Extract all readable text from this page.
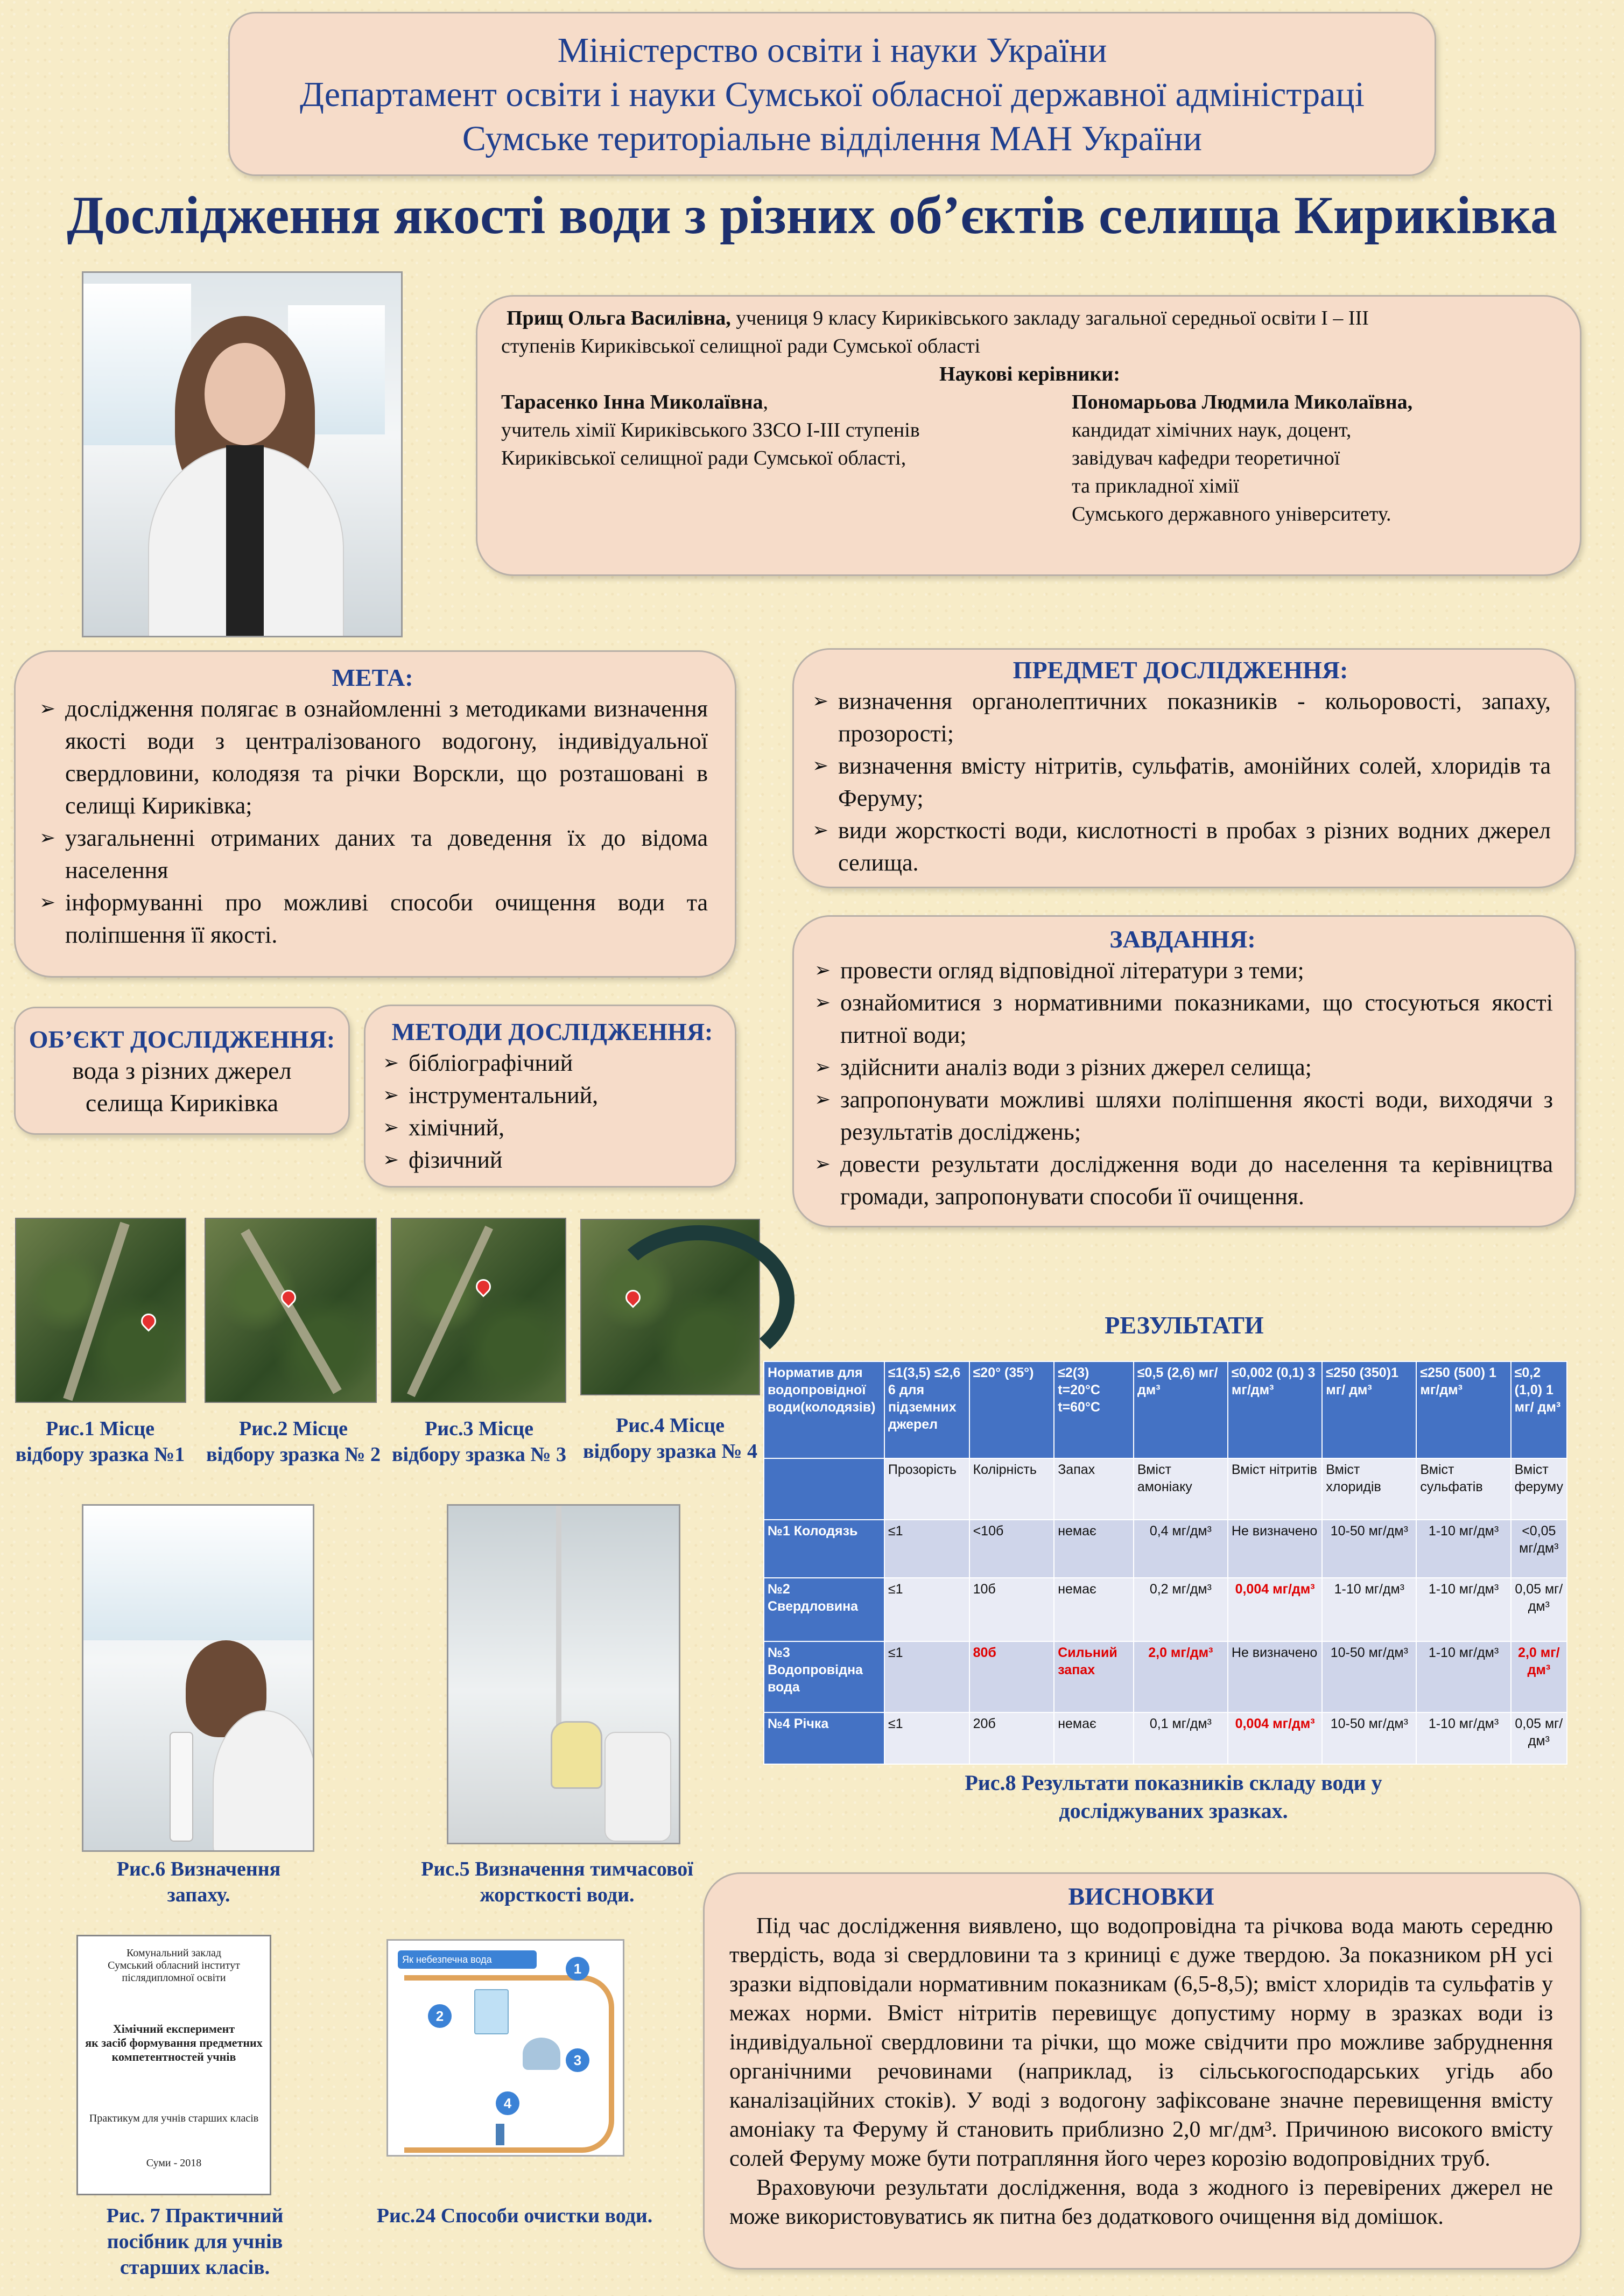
Міністерство освіти і науки України
Департамент освіти і науки Сумської обласної державної адміністраці
Сумське територіальне відділення МАН України
Дослідження якості води з різних об’єктів селища Кириківка
Прищ Ольга Василівна, учениця 9 класу Кириківського закладу загальної середньої освіти І – ІІІ
ступенів Кириківської селищної ради Сумської області
Наукові керівники:
Тарасенко Інна Миколаївна,
учитель хімії Кириківського ЗЗСО І-ІІІ ступенів
Кириківської селищної ради Сумської області,
Пономарьова Людмила Миколаївна,
кандидат хімічних наук, доцент,
завідувач кафедри теоретичної
та прикладної хімії
Сумського державного університету.
МЕТА:
➢ дослідження полягає в ознайомленні з методиками визначення якості води з централізованого водогону, індивідуальної свердловини, колодязя та річки Ворскли, що розташовані в селищі Кириківка;
➢ узагальненні отриманих даних та доведення їх до відома населення
➢ інформуванні про можливі способи очищення води та поліпшення її якості.
ПРЕДМЕТ ДОСЛІДЖЕННЯ:
➢ визначення органолептичних показників - кольоровості, запаху, прозорості;
➢ визначення вмісту нітритів, сульфатів, амонійних солей, хлоридів та Феруму;
➢ види жорсткості води, кислотності в пробах з різних водних джерел селища.
ОБ’ЄКТ ДОСЛІДЖЕННЯ:
вода з різних джерел
селища Кириківка
МЕТОДИ ДОСЛІДЖЕННЯ:
➢ бібліографічний
➢ інструментальний,
➢ хімічний,
➢ фізичний
ЗАВДАННЯ:
➢ провести огляд відповідної літератури з теми;
➢ ознайомитися з нормативними показниками, що стосуються якості питної води;
➢ здійснити аналіз води з різних джерел селища;
➢ запропонувати можливі шляхи поліпшення якості води, виходячи з результатів досліджень;
➢ довести результати дослідження води до населення та керівництва громади, запропонувати способи її очищення.
Рис.1 Місце відбору зразка №1
Рис.2 Місце відбору зразка № 2
Рис.3 Місце відбору зразка № 3
Рис.4 Місце відбору зразка № 4
Рис.6 Визначення запаху.
Рис.5 Визначення тимчасової жорсткості води.
Комунальний заклад
Сумський обласний інститут післядипломної освіти
Хімічний експеримент
як засіб формування предметних
компетентностей учнів
Практикум для учнів старших класів
Суми - 2018
Як небезпечна вода
1
2
3
4
Рис. 7 Практичний посібник для учнів старших класів.
Рис.24 Способи очистки води.
РЕЗУЛЬТАТИ
Норматив для водопровідної води(колодязів)	≤1(3,5) ≤2,6 6 для підземних джерел	≤20° (35°)	≤2(3) t=20°C t=60°C	≤0,5 (2,6) мг/ дм³	≤0,002 (0,1) 3 мг/дм³	≤250 (350)1 мг/ дм³	≤250 (500) 1 мг/дм³	≤0,2 (1,0) 1 мг/ дм³
	Прозорість	Колірність	Запах	Вміст амоніаку	Вміст нітритів	Вміст хлоридів	Вміст сульфатів	Вміст феруму
№1 Колодязь	≤1	<10б	немає	0,4 мг/дм³	Не визначено	10-50 мг/дм³	1-10 мг/дм³	<0,05 мг/дм³
№2 Свердловина	≤1	10б	немає	0,2 мг/дм³	0,004 мг/дм³	1-10 мг/дм³	1-10 мг/дм³	0,05 мг/дм³
№3 Водопровідна вода	≤1	80б	Сильний запах	2,0 мг/дм³	Не визначено	10-50 мг/дм³	1-10 мг/дм³	2,0 мг/дм³
№4 Річка	≤1	20б	немає	0,1 мг/дм³	0,004 мг/дм³	10-50 мг/дм³	1-10 мг/дм³	0,05 мг/дм³
Рис.8 Результати показників складу води у досліджуваних зразках.
ВИСНОВКИ
Під час дослідження виявлено, що водопровідна та річкова вода мають середню твердість, вода зі свердловини та з криниці є дуже твердою. За показником рН усі зразки відповідали нормативним показникам (6,5-8,5); вміст хлоридів та сульфатів у межах норми. Вміст нітритів перевищує допустиму норму в зразках води із індивідуальної свердловини та річки, що може свідчити про можливе забруднення органічними речовинами (наприклад, із сільськогосподарських угідь або каналізаційних стоків). У воді з водогону зафіксоване значне перевищення вмісту амоніаку та Феруму й становить приблизно 2,0 мг/дм³. Причиною високого вмісту солей Феруму може бути потрапляння його через корозію водопровідних труб.
Враховуючи результати дослідження, вода з жодного із перевірених джерел не може використовуватись як питна без додаткового очищення від домішок.
